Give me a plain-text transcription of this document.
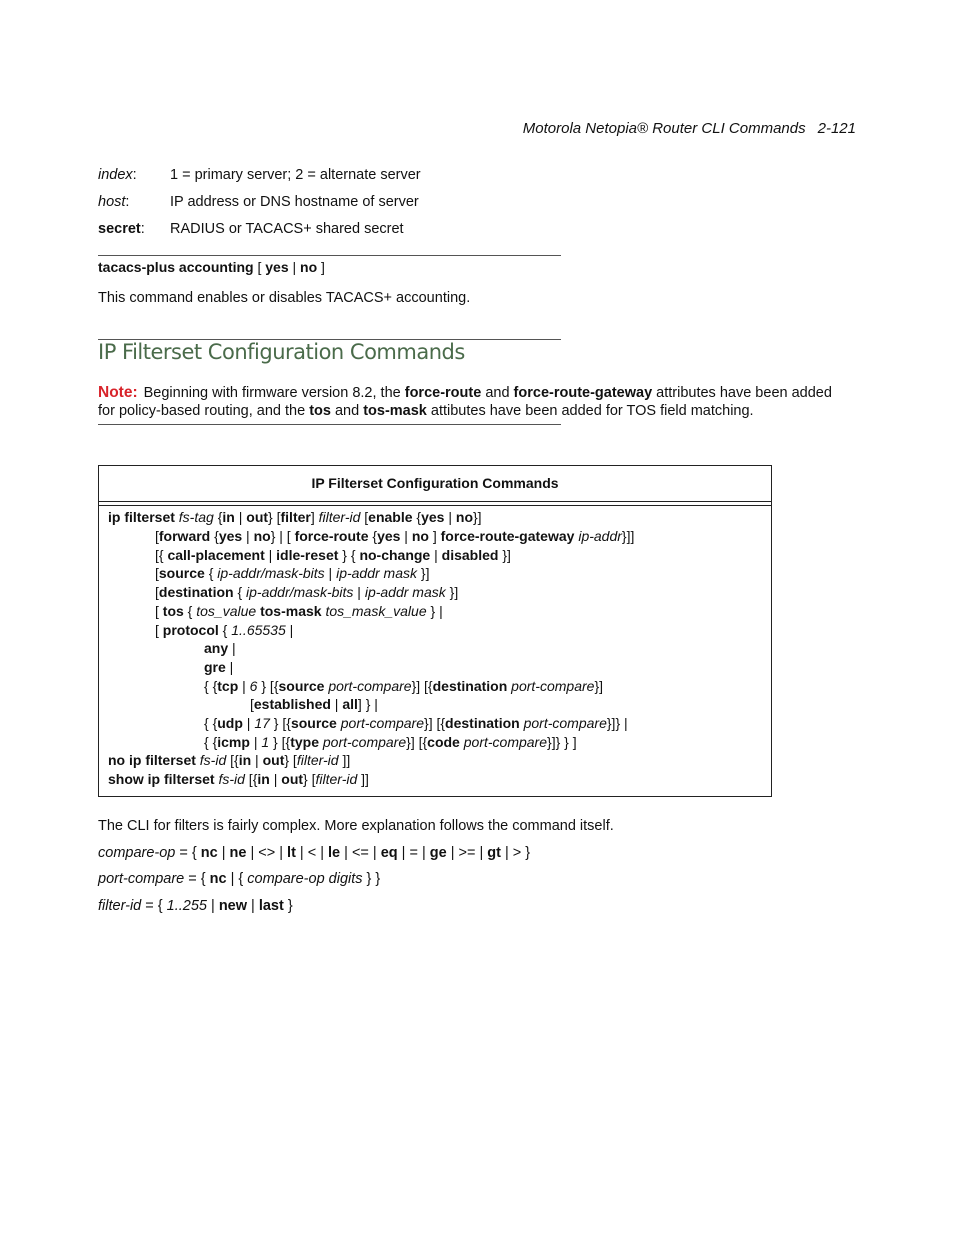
Motorola Netopia® Router CLI Commands 2-121
index: 1 = primary server; 2 = alternate server
host:	IP address or DNS hostname of server
secret: RADIUS or TACACS+ shared secret
tacacs-plus accounting [ yes | no ]
This command enables or disables TACACS+ accounting.
IP Filterset Configuration Commands
Note: Beginning with firmware version 8.2, the force-route and force-route-gateway attributes have been added for policy-based routing, and the tos and tos-mask attibutes have been added for TOS field matching.
IP Filterset Configuration Commands
ip filterset fs-tag {in | out} [filter] filter-id [enable {yes | no}]
[forward {yes | no} | [ force-route {yes | no ] force-route-gateway ip-addr}]]
[{ call-placement | idle-reset } { no-change | disabled }]
[source { ip-addr/mask-bits | ip-addr mask }]
[destination { ip-addr/mask-bits | ip-addr mask }]
[ tos { tos_value tos-mask tos_mask_value } |
[ protocol { 1..65535 |
any |
gre |
{ {tcp | 6 } [{source port-compare}] [{destination port-compare}]
[established | all] } |
{ {udp | 17 } [{source port-compare}] [{destination port-compare}]} |
{ {icmp | 1 } [{type port-compare}] [{code port-compare}]} } ]
no ip filterset fs-id [{in | out} [filter-id ]]
show ip filterset fs-id [{in | out} [filter-id ]]
The CLI for filters is fairly complex. More explanation follows the command itself.
compare-op = { nc | ne | <> | lt | < | le | <= | eq | = | ge | >= | gt | > }
port-compare = { nc | { compare-op digits } }
filter-id = { 1..255 | new | last }
